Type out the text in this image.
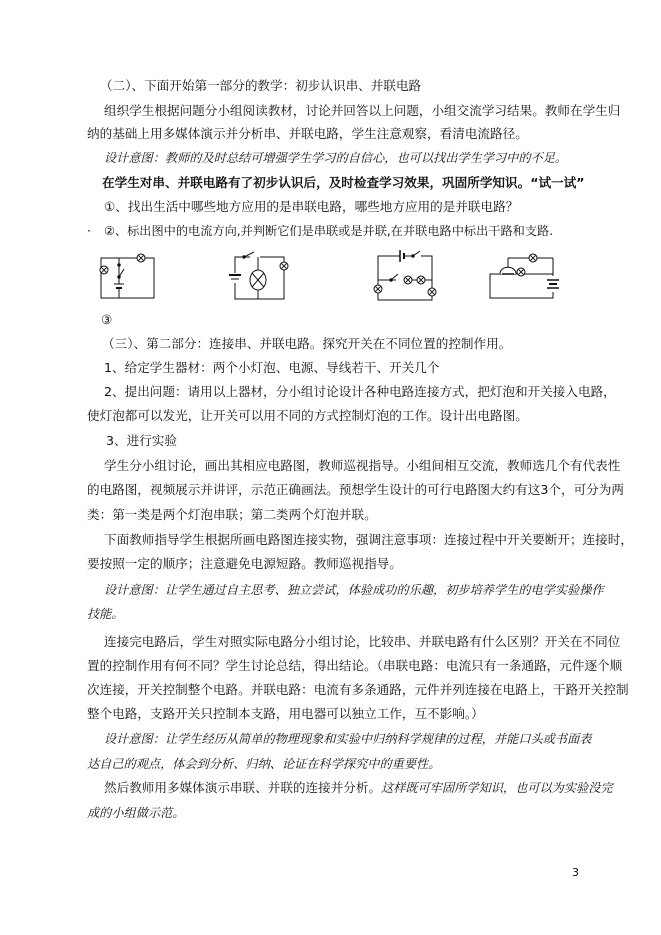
（二）、下面开始第一部分的教学：初步认识串、并联电路
组织学生根据问题分小组阅读教材，讨论并回答以上问题，小组交流学习结果。教师在学生归
纳的基础上用多媒体演示并分析串、并联电路，学生注意观察，看清电流路径。
设计意图：教师的及时总结可增强学生学习的自信心，也可以找出学生学习中的不足。
在学生对串、并联电路有了初步认识后，及时检查学习效果，巩固所学知识。“试一试”
①、找出生活中哪些地方应用的是串联电路，哪些地方应用的是并联电路？
· ②、标出图中的电流方向,并判断它们是串联或是并联,在并联电路中标出干路和支路.
③
（三）、第二部分：连接串、并联电路。探究开关在不同位置的控制作用。
1、给定学生器材：两个小灯泡、电源、导线若干、开关几个
2、提出问题：请用以上器材，分小组讨论设计各种电路连接方式，把灯泡和开关接入电路，
使灯泡都可以发光，让开关可以用不同的方式控制灯泡的工作。设计出电路图。
3、进行实验
学生分小组讨论，画出其相应电路图，教师巡视指导。小组间相互交流，教师选几个有代表性
的电路图，视频展示并讲评，示范正确画法。预想学生设计的可行电路图大约有这3个，可分为两
类：第一类是两个灯泡串联；第二类两个灯泡并联。
下面教师指导学生根据所画电路图连接实物，强调注意事项：连接过程中开关要断开；连接时，
要按照一定的顺序；注意避免电源短路。教师巡视指导。
设计意图：让学生通过自主思考、独立尝试，体验成功的乐趣，初步培养学生的电学实验操作
技能。
连接完电路后，学生对照实际电路分小组讨论，比较串、并联电路有什么区别？开关在不同位
置的控制作用有何不同？学生讨论总结，得出结论。（串联电路：电流只有一条通路，元件逐个顺
次连接，开关控制整个电路。并联电路：电流有多条通路，元件并列连接在电路上，干路开关控制
整个电路，支路开关只控制本支路，用电器可以独立工作，互不影响。）
设计意图：让学生经历从简单的物理现象和实验中归纳科学规律的过程，并能口头或书面表
达自己的观点，体会到分析、归纳、论证在科学探究中的重要性。
然后教师用多媒体演示串联、并联的连接并分析。这样既可牢固所学知识，也可以为实验没完
成的小组做示范。
3
